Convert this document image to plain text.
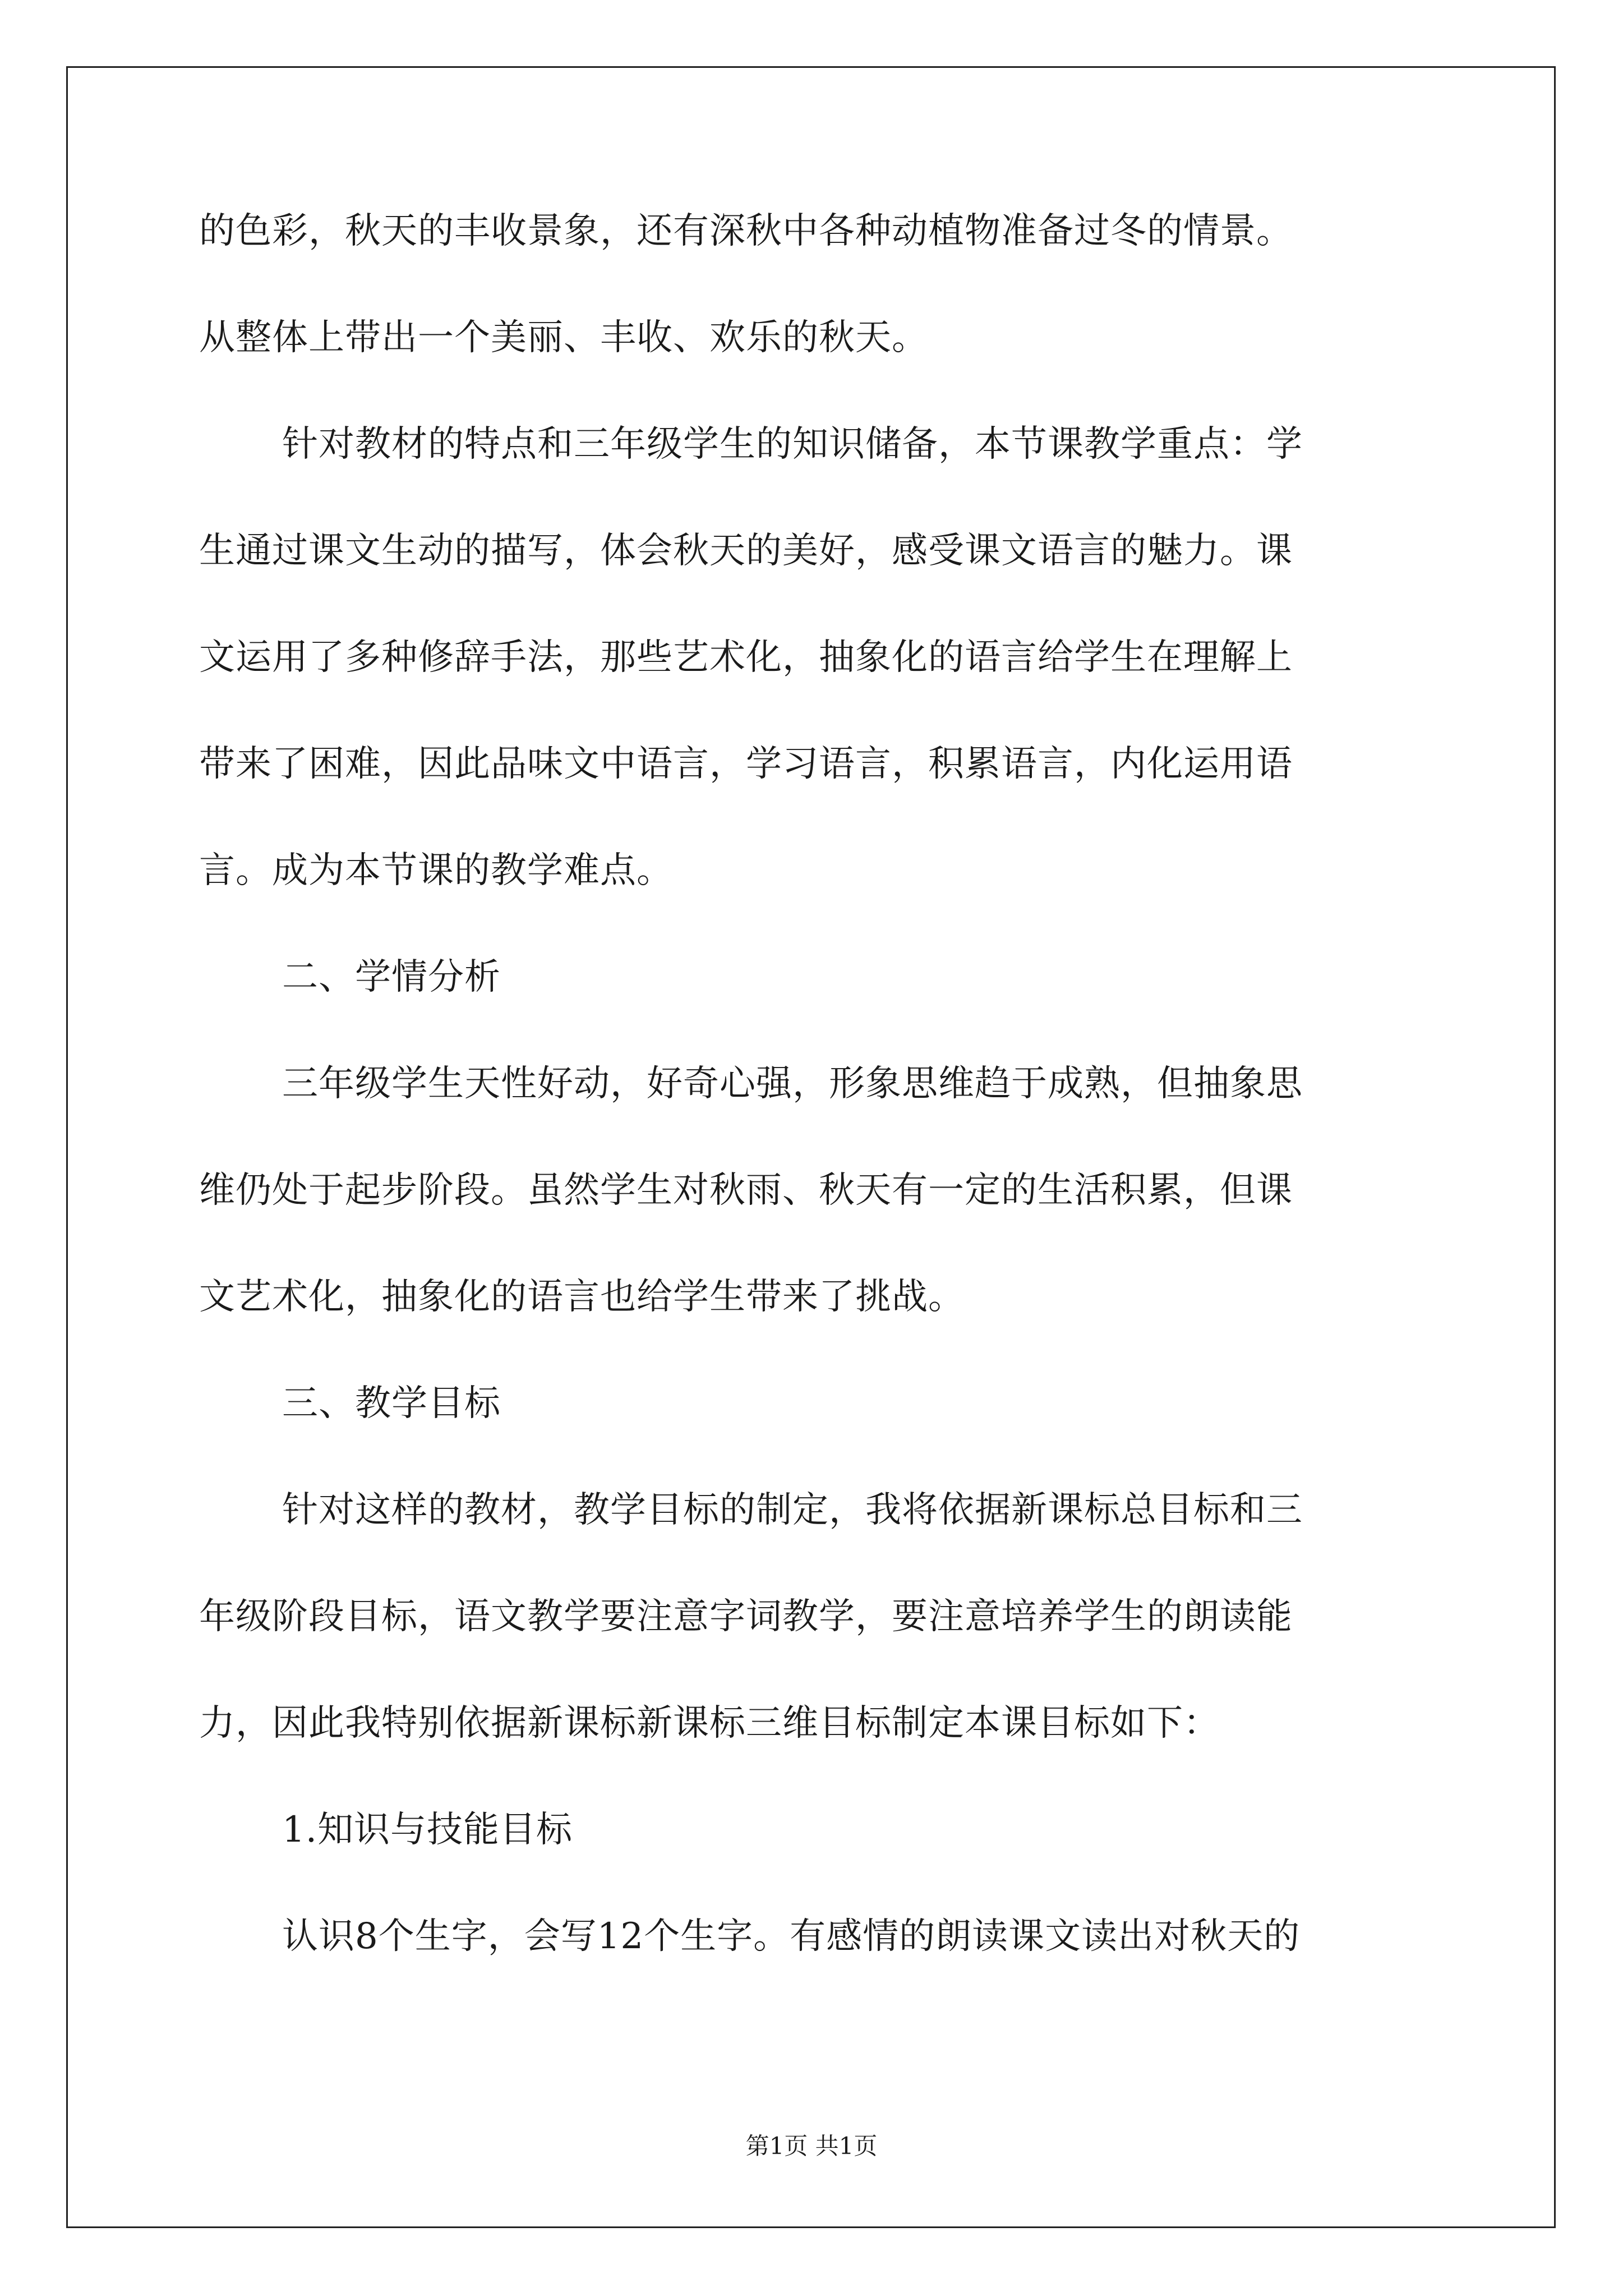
的色彩，秋天的丰收景象，还有深秋中各种动植物准备过冬的情景。
从整体上带出一个美丽、丰收、欢乐的秋天。
针对教材的特点和三年级学生的知识储备，本节课教学重点：学
生通过课文生动的描写，体会秋天的美好，感受课文语言的魅力。课
文运用了多种修辞手法，那些艺术化，抽象化的语言给学生在理解上
带来了困难，因此品味文中语言，学习语言，积累语言，内化运用语
言。成为本节课的教学难点。
二、学情分析
三年级学生天性好动，好奇心强，形象思维趋于成熟，但抽象思
维仍处于起步阶段。虽然学生对秋雨、秋天有一定的生活积累，但课
文艺术化，抽象化的语言也给学生带来了挑战。
三、教学目标
针对这样的教材，教学目标的制定，我将依据新课标总目标和三
年级阶段目标，语文教学要注意字词教学，要注意培养学生的朗读能
力，因此我特别依据新课标新课标三维目标制定本课目标如下：
1.知识与技能目标
认识8个生字，会写12个生字。有感情的朗读课文读出对秋天的
第1页 共1页
